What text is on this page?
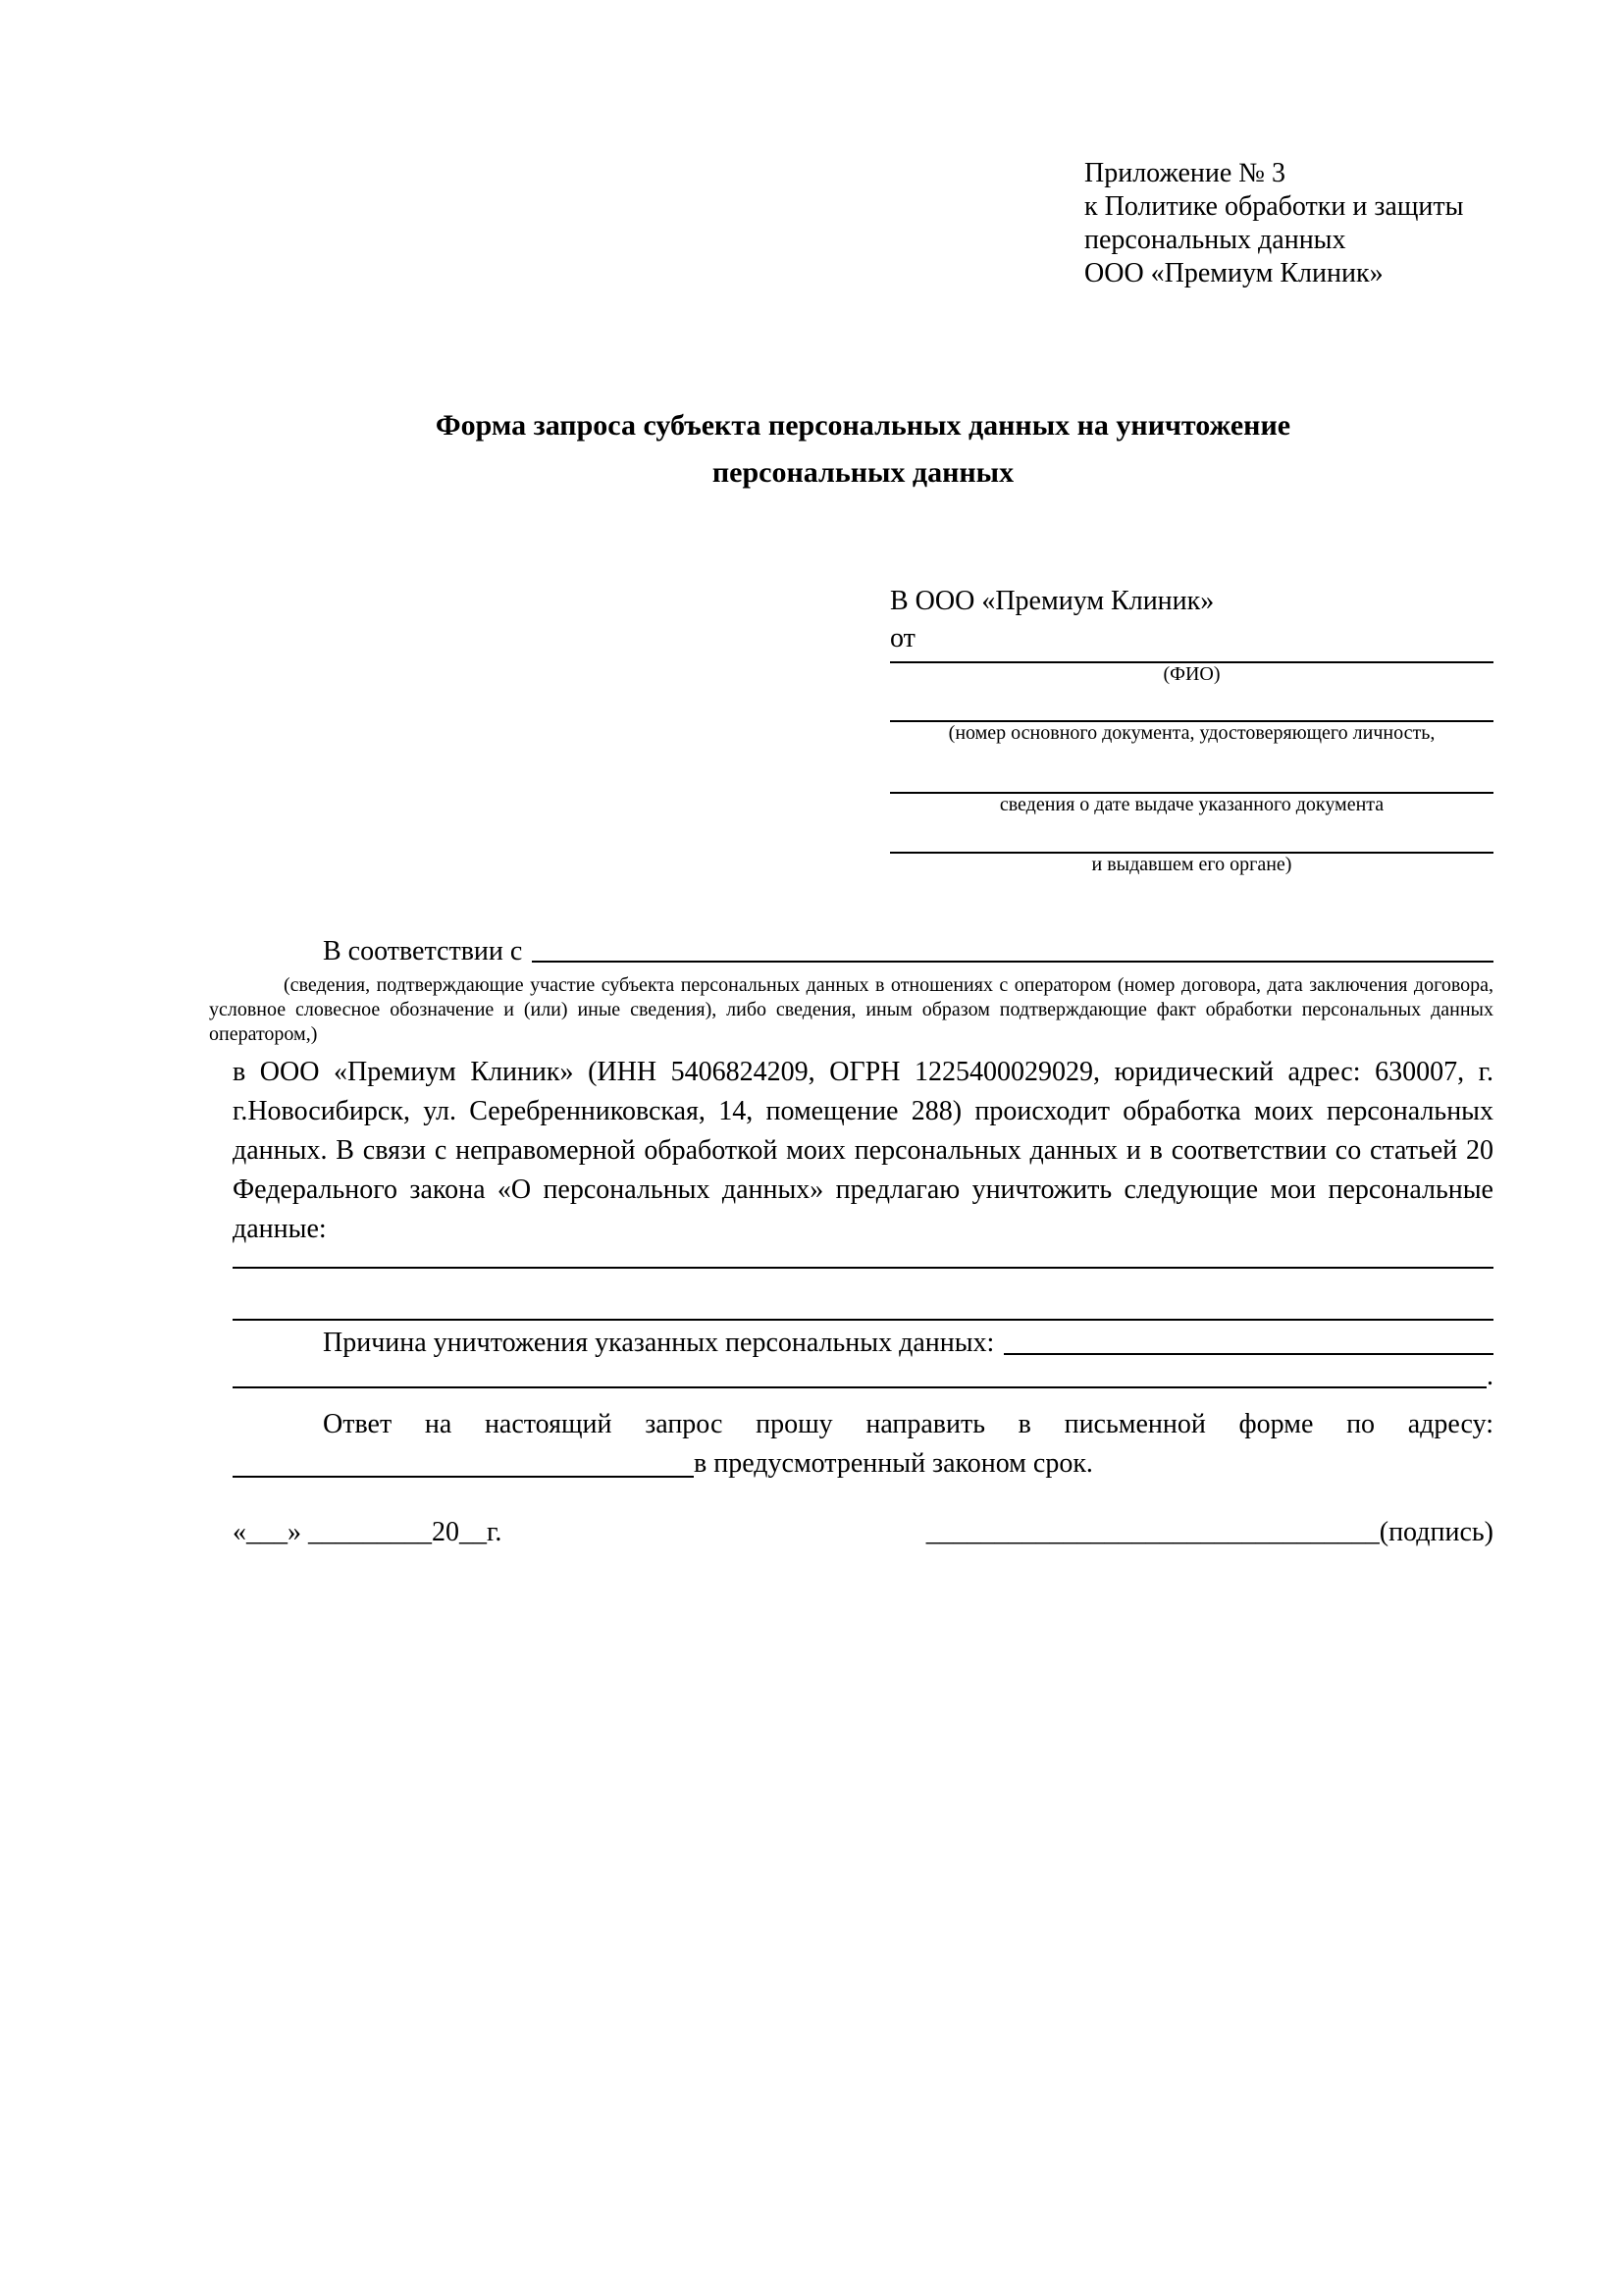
Приложение № 3
к Политике обработки и защиты
персональных данных
ООО «Премиум Клиник»
Форма запроса субъекта персональных данных на уничтожение персональных данных
В ООО «Премиум Клиник»
от
(ФИО)
(номер основного документа, удостоверяющего личность,
сведения о дате выдаче указанного документа
и выдавшем его органе)
В соответствии с
(сведения, подтверждающие участие субъекта персональных данных в отношениях с оператором (номер договора, дата заключения договора, условное словесное обозначение и (или) иные сведения), либо сведения, иным образом подтверждающие факт обработки персональных данных оператором,)
в ООО «Премиум Клиник» (ИНН 5406824209, ОГРН 1225400029029, юридический адрес: 630007, г. г.Новосибирск, ул. Серебренниковская, 14, помещение 288) происходит обработка моих персональных данных. В связи с неправомерной обработкой моих персональных данных и в соответствии со статьей 20 Федерального закона «О персональных данных» предлагаю уничтожить следующие мои персональные данные:
Причина уничтожения указанных персональных данных:
.
Ответ на настоящий запрос прошу направить в письменной форме по адресу:
в предусмотренный законом срок.
«___» _________20__г.	_________________________________(подпись)
